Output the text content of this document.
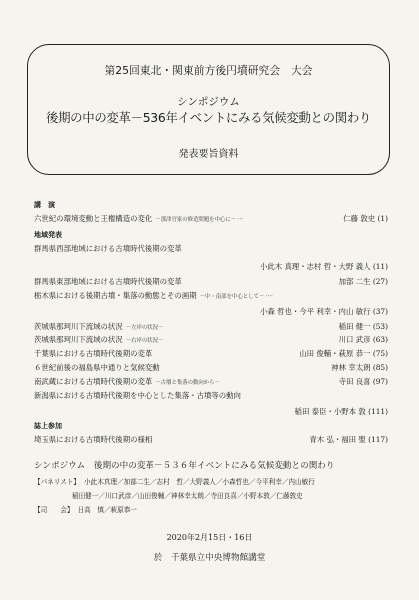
第25回東北・関東前方後円墳研究会　大会
シンポジウム
後期の中の変革－536年イベントにみる気候変動との関わり
発表要旨資料
講　演
六世紀の環境変動と王権構造の変化 －那津官家の修造問題を中心に－ ···	仁藤 敦史 (1)
地域発表
群馬県西部地域における古墳時代後期の変革
小此木 真理・志村 哲・大野 義人 (11)
群馬県東部地域における古墳時代後期の変革	加部 二生 (27)
栃木県における後期古墳・集落の動態とその画期 －中・南部を中心として－ ····
小森 哲也・今平 利幸・内山 敏行 (37)
茨城県那珂川下流域の状況 －左岸の状況－	稲田 健一 (53)
茨城県那珂川下流域の状況 －右岸の状況－	川口 武彦 (63)
千葉県における古墳時代後期の変革	山田 俊輔・萩原 恭一 (75)
６世紀前後の福島県中通りと気候変動	神林 幸太朗 (85)
南武蔵における古墳時代後期の変革 －古墳と集落の動向から－	寺田 良喜 (97)
新潟県における古墳時代後期を中心とした集落・古墳等の動向
稲田 泰臣・小野本 敦 (111)
誌上参加
埼玉県における古墳時代後期の様相	青木 弘・福田 聖 (117)
シンポジウム　後期の中の変革－５３６年イベントにみる気候変動との関わり
【パネリスト】 小此木真理／加部二生／志村　哲／大野義人／小森哲也／今平利幸／内山敏行
稲田健一／川口武彦／山田俊輔／神林幸太朗／寺田良喜／小野本敦／仁藤敦史
【司　　会】 日高　慎／萩原恭一
2020年2月15日・16日
於　千葉県立中央博物館講堂
